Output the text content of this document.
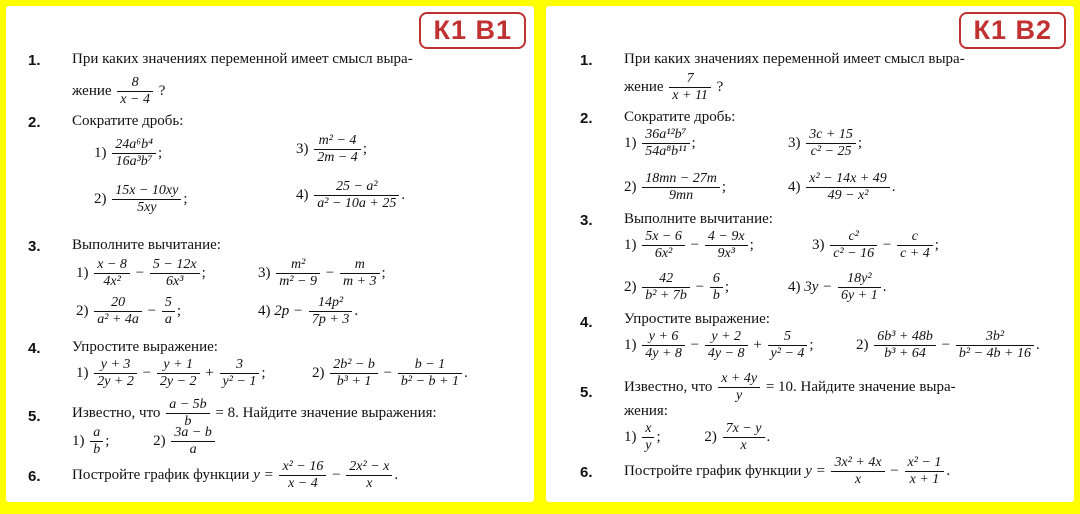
К1 В1
1. При каких значениях переменной имеет смысл выра-
жение $\frac{8}{x - 4}$ ?
2. Сократите дробь:
$1) \frac{\text{24a⁶b⁴}}{\text{16a³b⁷}}$ ;	$3) \frac{\text{m² − 4}}{2m - 4}$ ;
$2) \frac{15x - 10xy}{5xy}$ ;	$4) \frac{\text{25 − a²}}{\text{a² − 10a + 25}}$ .
3. Выполните вычитание:
$1) \frac{x - 8}{\text{4x²}} - \frac{5 - 12x}{\text{6x³}}$ ;	$3) \frac{\text{m²}}{\text{m² − 9}} - \frac{m}{m + 3}$ ;
$2) \frac{20}{\text{a² + 4a}} - \frac{5}{a}$ ;	4) $2p - \frac{\text{14p²}}{7p + 3}$ .
4. Упростите выражение:
$1) \frac{y + 3}{2y + 2} - \frac{y + 1}{2y - 2} + \frac{3}{\text{y² − 1}}$ ;	$2) \frac{\text{2b² − b}}{\text{b³ + 1}} - \frac{b - 1}{\text{b² − b + 1}}$ .
5. Известно, что $\frac{a - 5b}{b} = 8$. Найдите значение выражения:
$1) \frac{a}{b}$ ;	$2) \frac{3a - b}{a}$
6. Постройте график функции $y = \frac{\text{x² − 16}}{x - 4} - \frac{\text{2x² − x}}{x}$ .
К1 В2
1. При каких значениях переменной имеет смысл выра-
жение $\frac{7}{x + 11}$ ?
2. Сократите дробь:
$1) \frac{\text{36a¹²b⁷}}{\text{54a⁸b¹¹}}$ ;	$3) \frac{3c + 15}{\text{c² − 25}}$ ;
$2) \frac{18mn - 27m}{9mn}$ ;	$4) \frac{\text{x² − 14x + 49}}{\text{49 − x²}}$ .
3. Выполните вычитание:
$1) \frac{5x - 6}{\text{6x²}} - \frac{4 - 9x}{\text{9x³}}$ ;	$3) \frac{\text{c²}}{\text{c² − 16}} - \frac{c}{c + 4}$ ;
$2) \frac{42}{\text{b² + 7b}} - \frac{6}{b}$ ;	4) $3y - \frac{\text{18y²}}{6y + 1}$ .
4. Упростите выражение:
$1) \frac{y + 6}{4y + 8} - \frac{y + 2}{4y - 8} + \frac{5}{\text{y² − 4}}$ ;	$2) \frac{\text{6b³ + 48b}}{\text{b³ + 64}} - \frac{\text{3b²}}{\text{b² − 4b + 16}}$ .
5. Известно, что $\frac{x + 4y}{y} = 10$. Найдите значение выра-
жения:
$1) \frac{x}{y}$ ;	$2) \frac{7x - y}{x}$ .
6. Постройте график функции $y = \frac{\text{3x² + 4x}}{x} - \frac{\text{x² − 1}}{x + 1}$ .
